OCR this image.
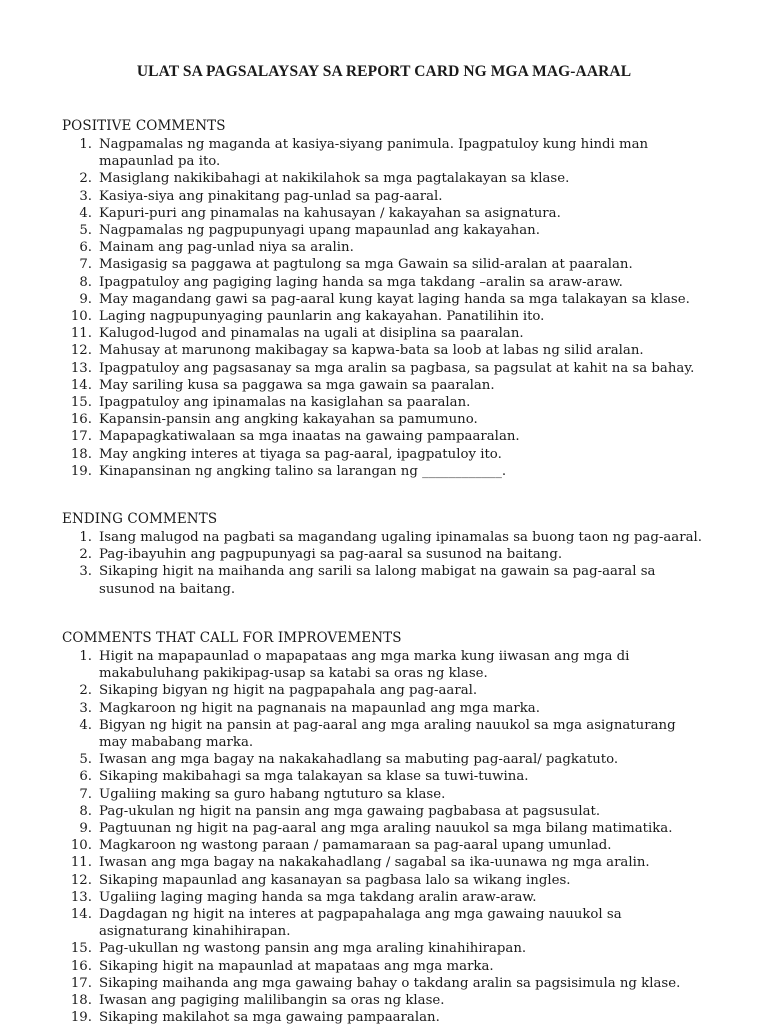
ULAT SA PAGSALAYSAY SA REPORT CARD NG MGA MAG-AARAL
POSITIVE COMMENTS
1. Nagpamalas ng maganda at kasiya-siyang panimula. Ipagpatuloy kung hindi man mapaunlad pa ito.
2. Masiglang nakikibahagi at nakikilahok sa mga pagtalakayan sa klase.
3. Kasiya-siya ang pinakitang pag-unlad sa pag-aaral.
4. Kapuri-puri ang pinamalas na kahusayan / kakayahan sa asignatura.
5. Nagpamalas ng pagpupunyagi upang mapaunlad ang kakayahan.
6. Mainam ang pag-unlad niya sa aralin.
7. Masigasig sa paggawa at pagtulong sa mga Gawain sa silid-aralan at paaralan.
8. Ipagpatuloy ang pagiging laging handa sa mga takdang –aralin sa araw-araw.
9. May magandang gawi sa pag-aaral kung kayat laging handa sa mga talakayan sa klase.
10. Laging nagpupunyaging paunlarin ang kakayahan. Panatilihin ito.
11. Kalugod-lugod and pinamalas na ugali at disiplina sa paaralan.
12. Mahusay at marunong makibagay sa kapwa-bata sa loob at labas ng silid aralan.
13. Ipagpatuloy ang pagsasanay sa mga aralin sa pagbasa, sa pagsulat at kahit na sa bahay.
14. May sariling kusa sa paggawa sa mga gawain sa paaralan.
15. Ipagpatuloy ang ipinamalas na kasiglahan sa paaralan.
16. Kapansin-pansin ang angking kakayahan sa pamumuno.
17. Mapapagkatiwalaan sa mga inaatas na gawaing pampaaralan.
18. May angking interes at tiyaga sa pag-aaral, ipagpatuloy ito.
19. Kinapansinan ng angking talino sa larangan ng ____________.
ENDING COMMENTS
1. Isang malugod na pagbati sa magandang ugaling ipinamalas sa buong taon ng pag-aaral.
2. Pag-ibayuhin ang pagpupunyagi sa pag-aaral sa susunod na baitang.
3. Sikaping higit na maihanda ang sarili sa lalong mabigat na gawain sa pag-aaral sa susunod na baitang.
COMMENTS THAT CALL FOR IMPROVEMENTS
1. Higit na mapapaunlad o mapapataas ang mga marka kung iiwasan ang mga di makabuluhang pakikipag-usap sa katabi sa oras ng klase.
2. Sikaping bigyan ng higit na pagpapahala ang pag-aaral.
3. Magkaroon ng higit na pagnanais na mapaunlad ang mga marka.
4. Bigyan ng higit na pansin at pag-aaral ang mga araling nauukol sa mga asignaturang may mababang marka.
5. Iwasan ang mga bagay na nakakahadlang sa mabuting pag-aaral/ pagkatuto.
6. Sikaping makibahagi sa mga talakayan sa klase sa tuwi-tuwina.
7. Ugaliing making sa guro habang ngtuturo sa klase.
8. Pag-ukulan ng higit na pansin ang mga gawaing pagbabasa at pagsusulat.
9. Pagtuunan ng higit na pag-aaral ang mga araling nauukol sa mga bilang matimatika.
10. Magkaroon ng wastong paraan / pamamaraan sa pag-aaral upang umunlad.
11. Iwasan ang mga bagay na nakakahadlang / sagabal sa ika-uunawa ng mga aralin.
12. Sikaping mapaunlad ang kasanayan sa pagbasa lalo sa wikang ingles.
13. Ugaliing laging maging handa sa mga takdang aralin araw-araw.
14. Dagdagan ng higit na interes at pagpapahalaga ang mga gawaing nauukol sa asignaturang kinahihirapan.
15. Pag-ukullan ng wastong pansin ang mga araling kinahihirapan.
16. Sikaping higit na mapaunlad at mapataas ang mga marka.
17. Sikaping maihanda ang mga gawaing bahay o takdang aralin sa pagsisimula ng klase.
18. Iwasan ang pagiging malilibangin sa oras ng klase.
19. Sikaping makilahot sa mga gawaing pampaaralan.
